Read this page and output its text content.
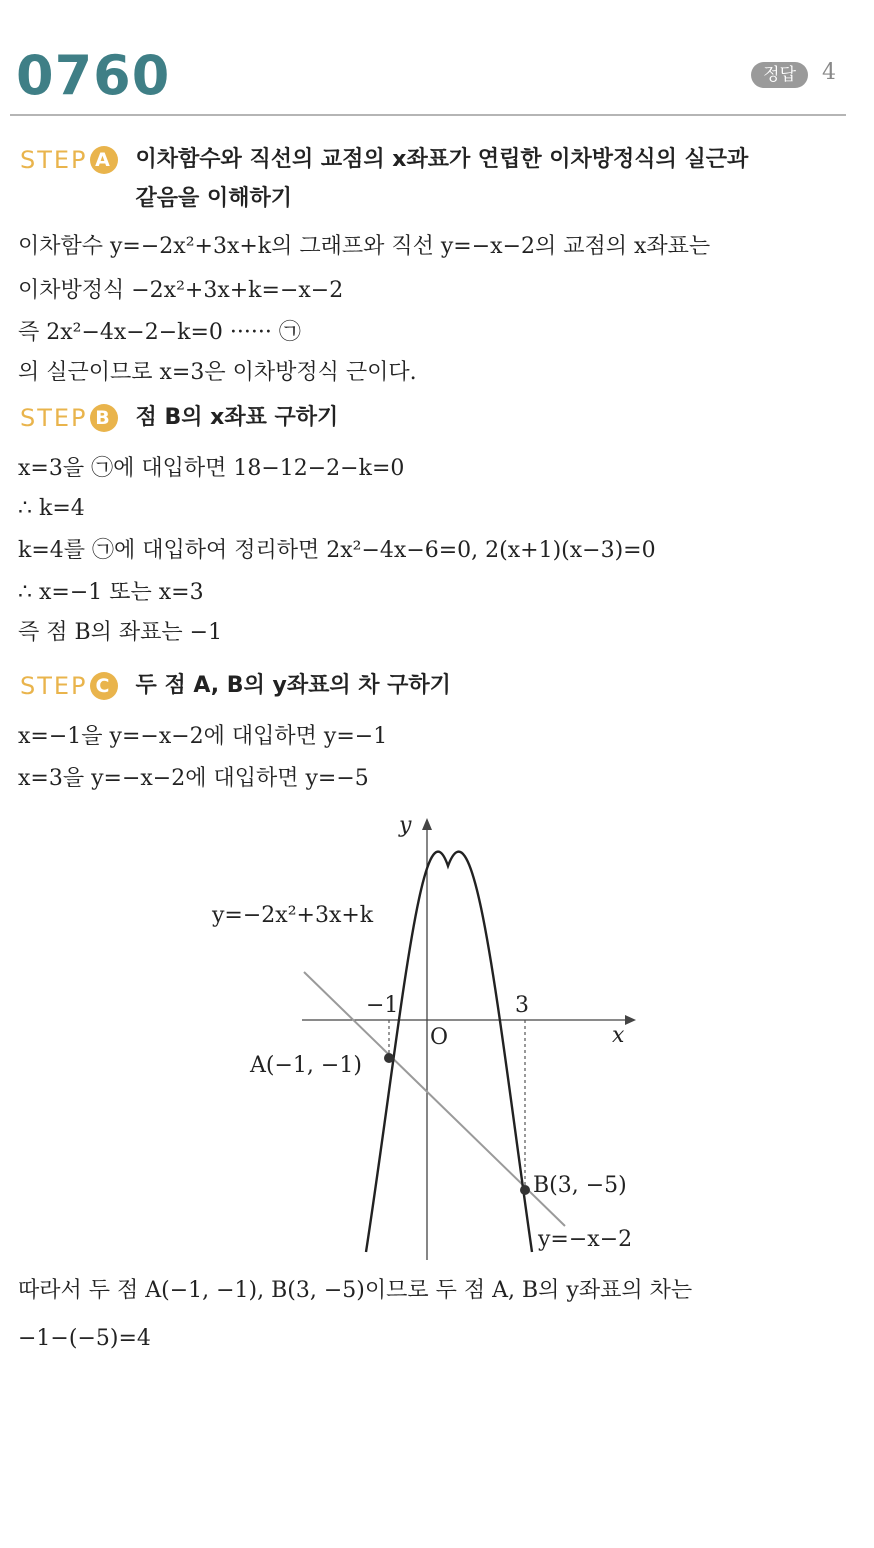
0760	정답	4
STEP A 이차함수와 직선의 교점의 x좌표가 연립한 이차방정식의 실근과
같음을 이해하기
이차함수 y=−2x²+3x+k의 그래프와 직선 y=−x−2의 교점의 x좌표는
이차방정식 −2x²+3x+k=−x−2
즉 2x²−4x−2−k=0 ······ ㉠
의 실근이므로 x=3은 이차방정식 근이다.
STEP B 점 B의 x좌표 구하기
x=3을 ㉠에 대입하면 18−12−2−k=0
∴ k=4
k=4를 ㉠에 대입하여 정리하면 2x²−4x−6=0, 2(x+1)(x−3)=0
∴ x=−1 또는 x=3
즉 점 B의 좌표는 −1
STEP C 두 점 A, B의 y좌표의 차 구하기
x=−1을 y=−x−2에 대입하면 y=−1
x=3을 y=−x−2에 대입하면 y=−5
y
x
O
−1	3
y=−2x²+3x+k
y=−x−2
A(−1, −1)
B(3, −5)
따라서 두 점 A(−1, −1), B(3, −5)이므로 두 점 A, B의 y좌표의 차는
−1−(−5)=4
